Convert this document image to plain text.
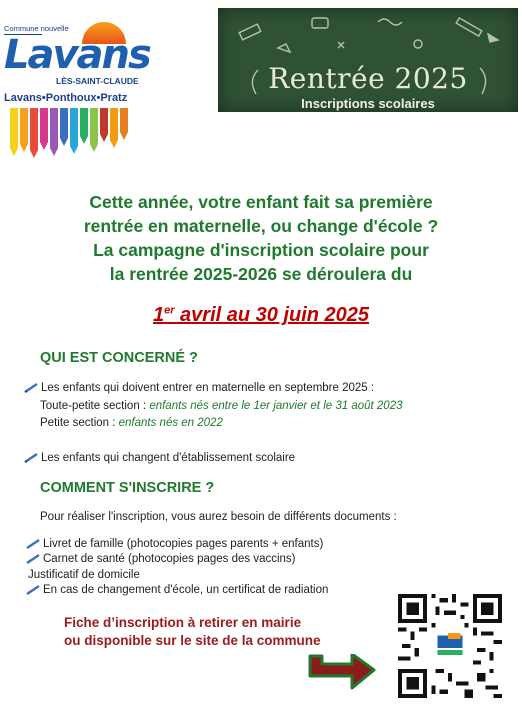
Commune nouvelle
Lavans
LÈS-SAINT-CLAUDE
Lavans•Ponthoux•Pratz
Rentrée 2025
Inscriptions scolaires
Cette année, votre enfant fait sa première
rentrée en maternelle, ou change d'école ?
La campagne d'inscription scolaire pour
la rentrée 2025-2026 se déroulera du
1er avril au 30 juin 2025
QUI EST CONCERNÉ ?
Les enfants qui doivent entrer en maternelle en septembre 2025 :
Toute-petite section : enfants nés entre le 1er janvier et le 31 août 2023
Petite section : enfants nés en 2022
Les enfants qui changent d'établissement scolaire
COMMENT S'INSCRIRE ?
Pour réaliser l'inscription, vous aurez besoin de différents documents :
Livret de famille (photocopies pages parents + enfants)
Carnet de santé (photocopies pages des vaccins)
Justificatif de domicile
En cas de changement d'école, un certificat de radiation
Fiche d’inscription à retirer en mairie
ou disponible sur le site de la commune
